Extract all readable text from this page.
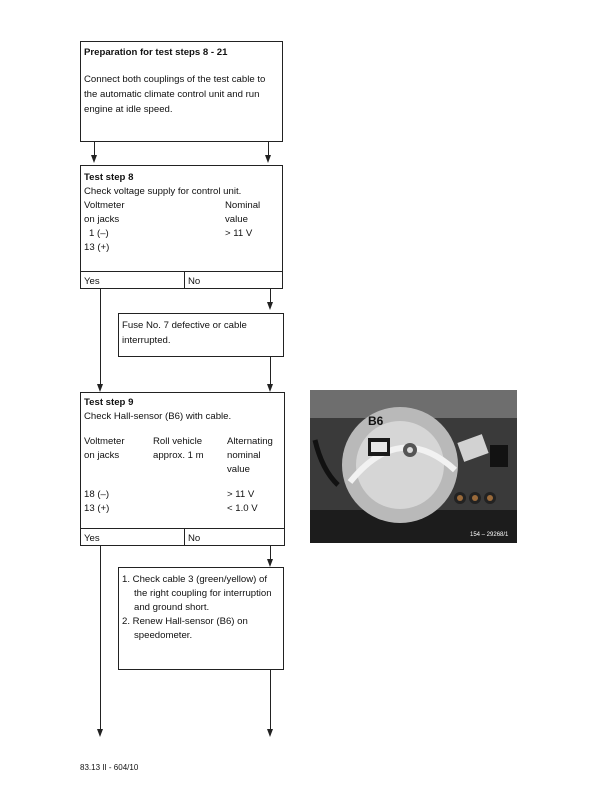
Preparation for test steps 8 - 21
Connect both couplings of the test cable to
the automatic climate control unit and run
engine at idle speed.
Test step 8
Check voltage supply for control unit.
Voltmeter
on jacks
1 (–)
13 (+)
Nominal
value
> 11 V
Yes	No
Fuse No. 7 defective or cable
interrupted.
Test step 9
Check Hall-sensor (B6) with cable.
Voltmeter
on jacks
18 (–)
13 (+)
Roll vehicle
approx. 1 m
Alternating
nominal
value
> 11 V
< 1.0 V
Yes	No
1. Check cable 3 (green/yellow) of
the right coupling for interruption
and ground short.
2. Renew Hall-sensor (B6) on
speedometer.
B6
154 – 29268/1
83.13 II - 604/10
